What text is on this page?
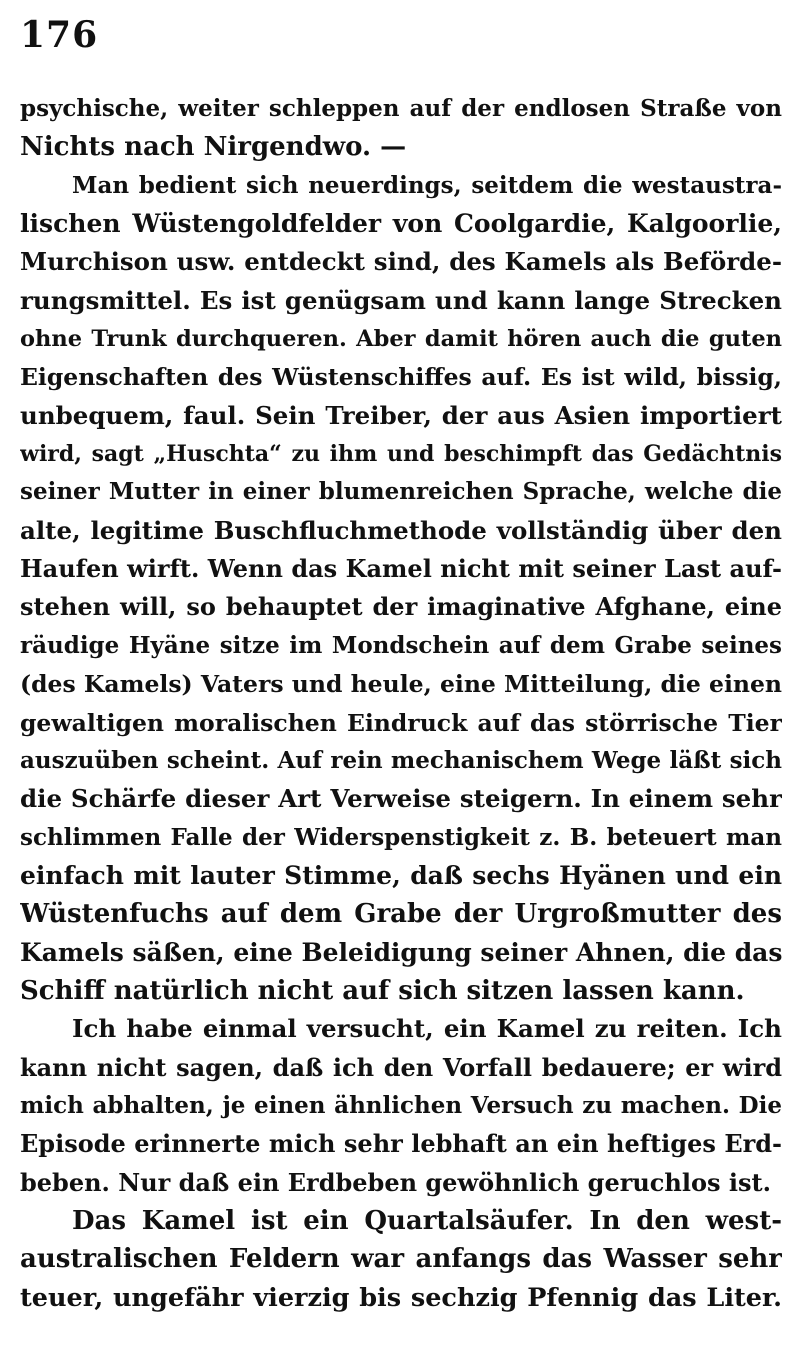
176
psychische, weiter schleppen auf der endlosen Straße von
Nichts nach Nirgendwo. —
Man bedient sich neuerdings, seitdem die westaustra-
lischen Wüstengoldfelder von Coolgardie, Kalgoorlie,
Murchison usw. entdeckt sind, des Kamels als Beförde-
rungsmittel. Es ist genügsam und kann lange Strecken
ohne Trunk durchqueren. Aber damit hören auch die guten
Eigenschaften des Wüstenschiffes auf. Es ist wild, bissig,
unbequem, faul. Sein Treiber, der aus Asien importiert
wird, sagt „Huschta“ zu ihm und beschimpft das Gedächtnis
seiner Mutter in einer blumenreichen Sprache, welche die
alte, legitime Buschfluchmethode vollständig über den
Haufen wirft. Wenn das Kamel nicht mit seiner Last auf-
stehen will, so behauptet der imaginative Afghane, eine
räudige Hyäne sitze im Mondschein auf dem Grabe seines
(des Kamels) Vaters und heule, eine Mitteilung, die einen
gewaltigen moralischen Eindruck auf das störrische Tier
auszuüben scheint. Auf rein mechanischem Wege läßt sich
die Schärfe dieser Art Verweise steigern. In einem sehr
schlimmen Falle der Widerspenstigkeit z. B. beteuert man
einfach mit lauter Stimme, daß sechs Hyänen und ein
Wüstenfuchs auf dem Grabe der Urgroßmutter des
Kamels säßen, eine Beleidigung seiner Ahnen, die das
Schiff natürlich nicht auf sich sitzen lassen kann.
Ich habe einmal versucht, ein Kamel zu reiten. Ich
kann nicht sagen, daß ich den Vorfall bedauere; er wird
mich abhalten, je einen ähnlichen Versuch zu machen. Die
Episode erinnerte mich sehr lebhaft an ein heftiges Erd-
beben. Nur daß ein Erdbeben gewöhnlich geruchlos ist.
Das Kamel ist ein Quartalsäufer. In den west-
australischen Feldern war anfangs das Wasser sehr
teuer, ungefähr vierzig bis sechzig Pfennig das Liter.
